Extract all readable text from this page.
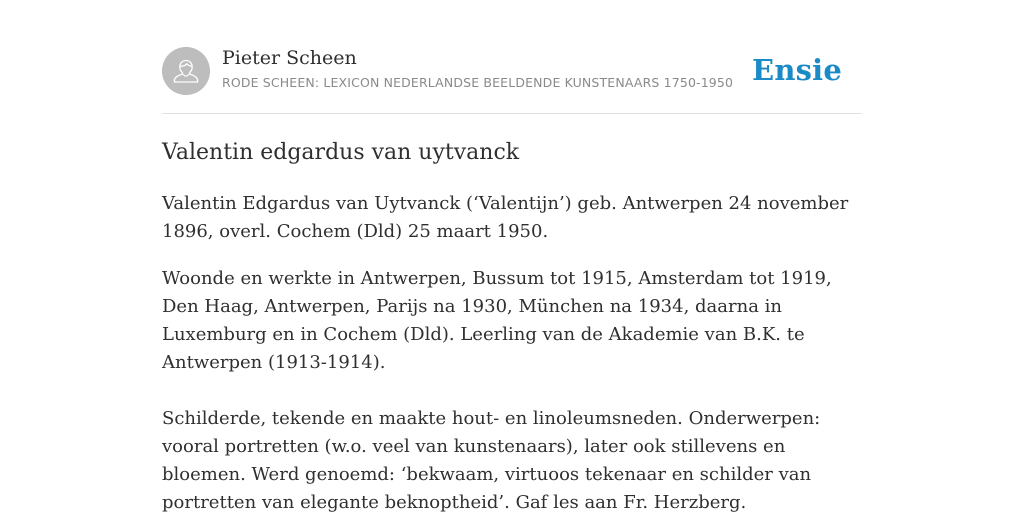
Pieter Scheen
RODE SCHEEN: LEXICON NEDERLANDSE BEELDENDE KUNSTENAARS 1750-1950 Ensie
Valentin edgardus van uytvanck

Valentin Edgardus van Uytvanck (‘Valentijn’) geb. Antwerpen 24 november 1896, overl. Cochem (Dld) 25 maart 1950.

Woonde en werkte in Antwerpen, Bussum tot 1915, Amsterdam tot 1919, Den Haag, Antwerpen, Parijs na 1930, München na 1934, daarna in Luxemburg en in Cochem (Dld). Leerling van de Akademie van B.K. te Antwerpen (1913-1914).

Schilderde, tekende en maakte hout- en linoleumsneden. Onderwerpen: vooral portretten (w.o. veel van kunstenaars), later ook stillevens en bloemen. Werd genoemd: ‘bekwaam, virtuoos tekenaar en schilder van portretten van elegante beknoptheid’. Gaf les aan Fr. Herzberg.
